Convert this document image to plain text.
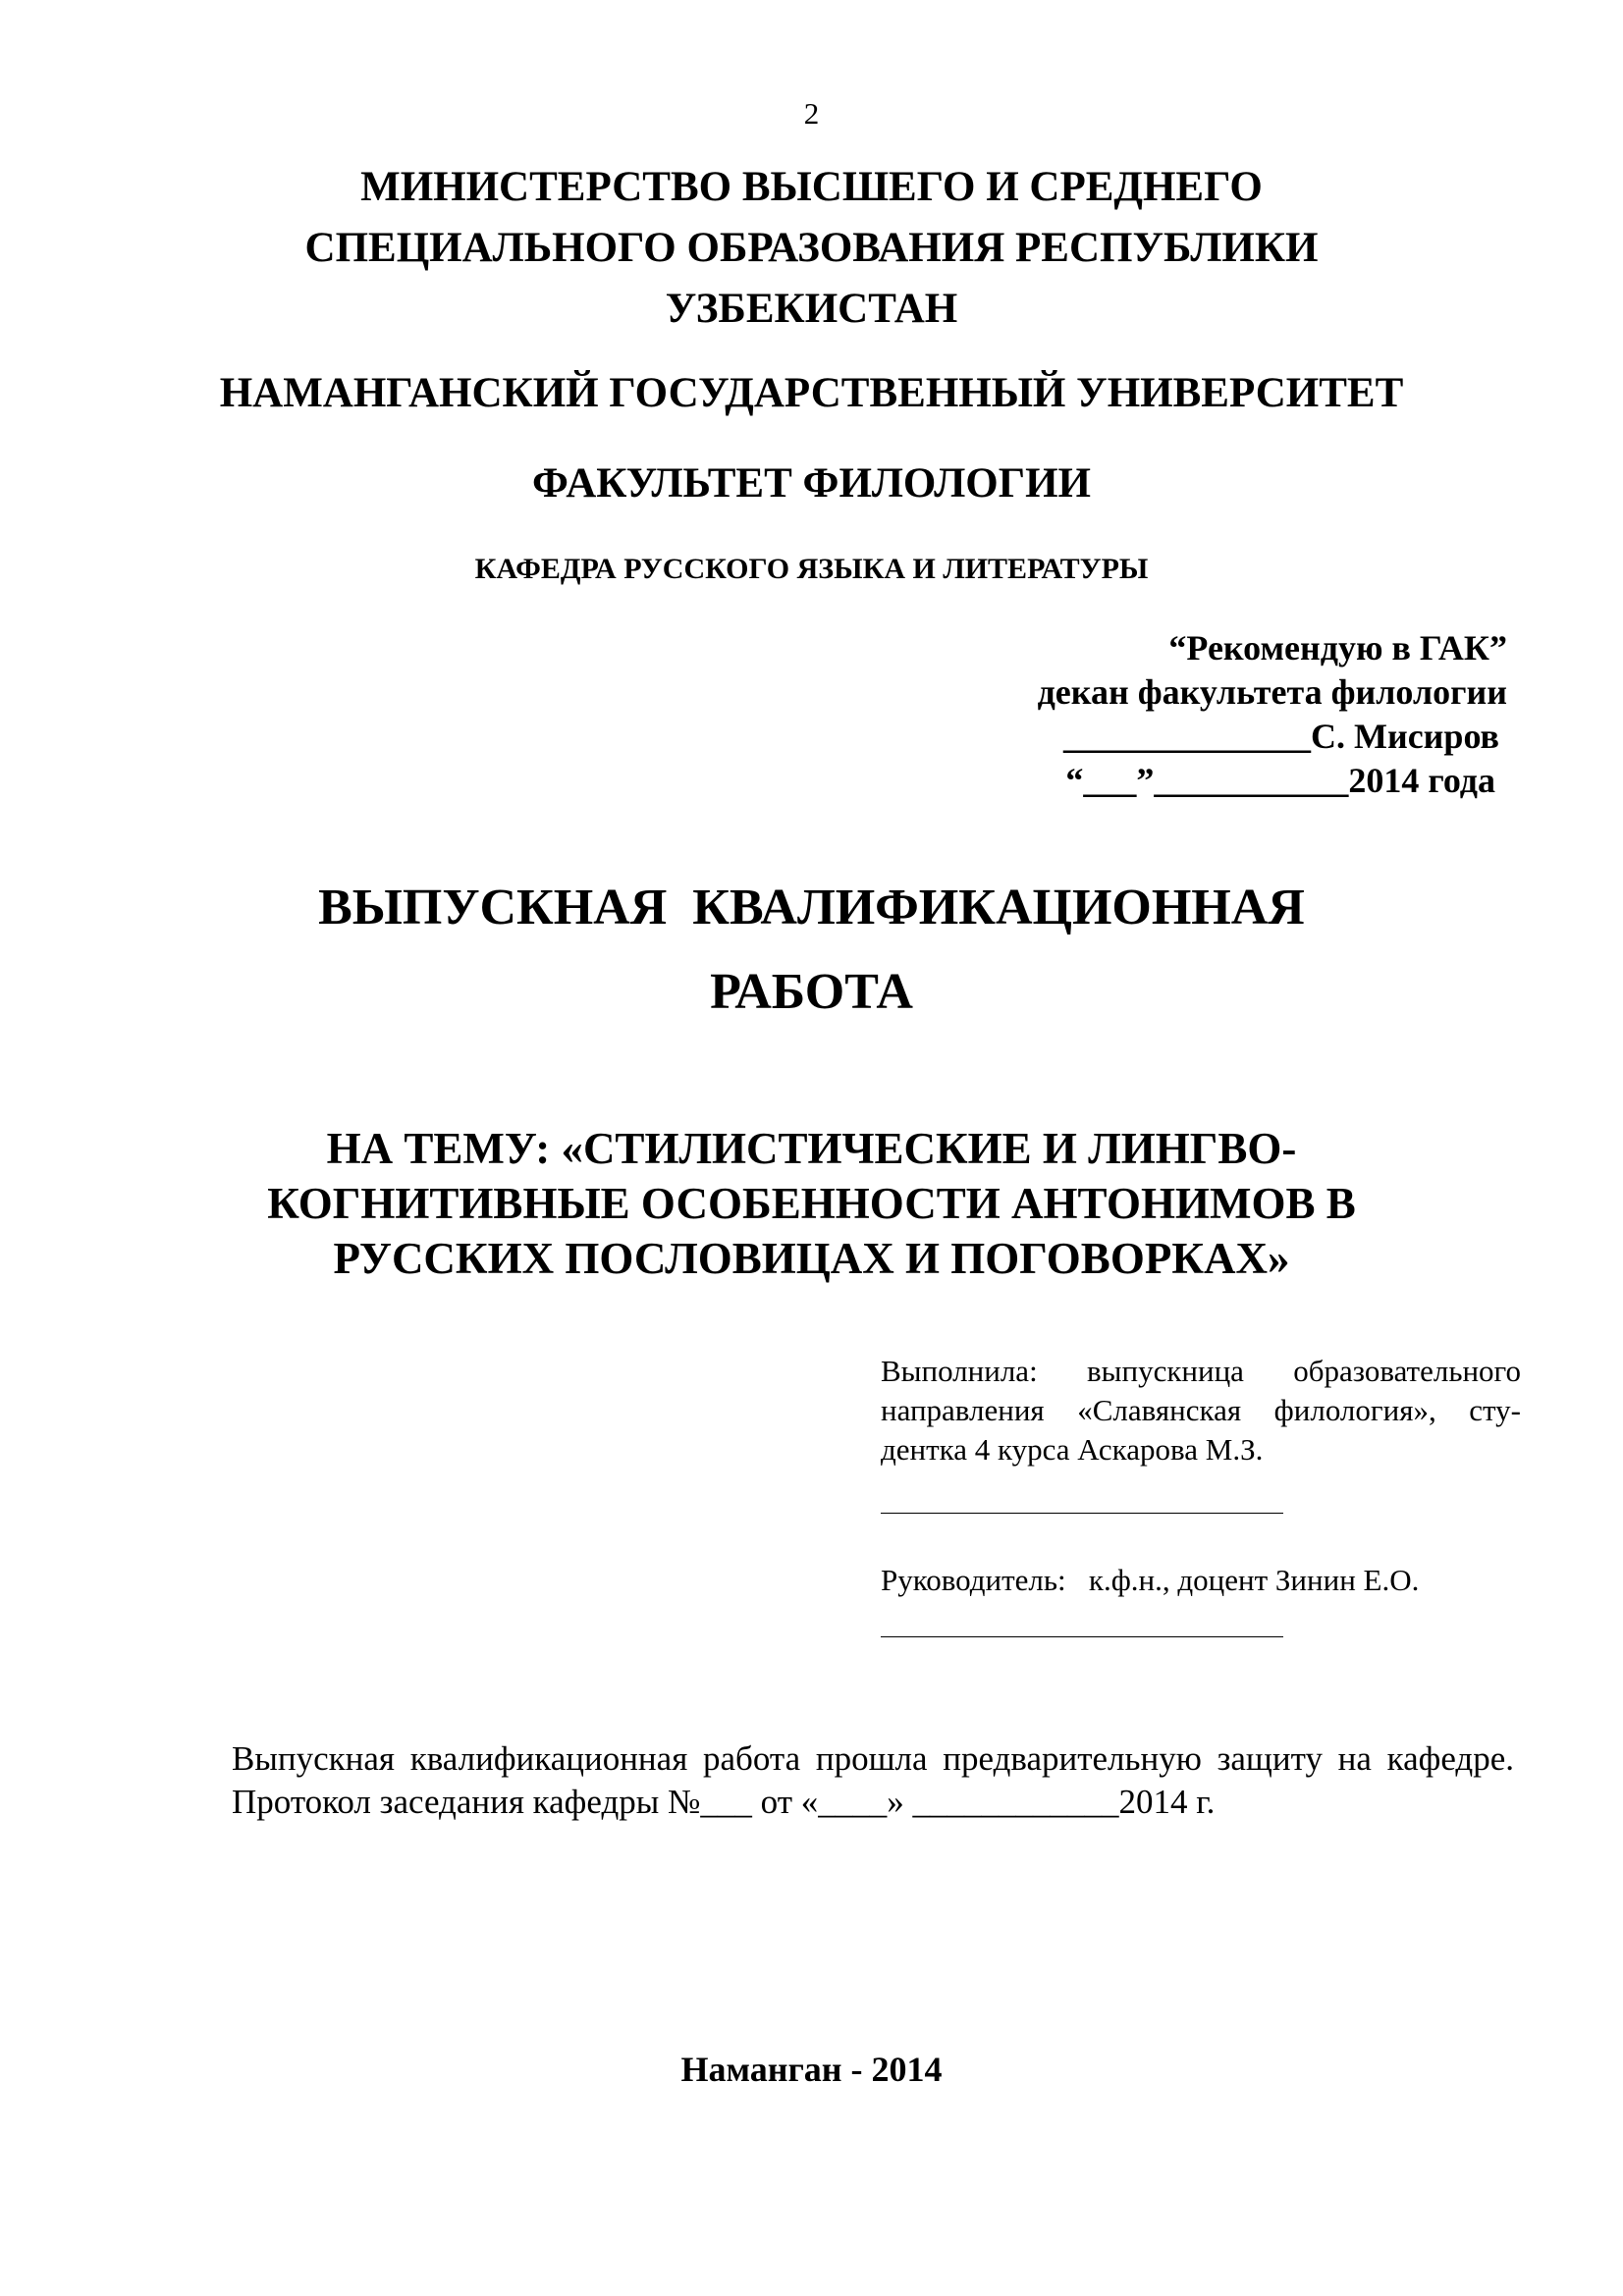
2
МИНИСТЕРСТВО ВЫСШЕГО И СРЕДНЕГО
СПЕЦИАЛЬНОГО ОБРАЗОВАНИЯ РЕСПУБЛИКИ
УЗБЕКИСТАН
НАМАНГАНСКИЙ ГОСУДАРСТВЕННЫЙ УНИВЕРСИТЕТ
ФАКУЛЬТЕТ ФИЛОЛОГИИ
КАФЕДРА РУССКОГО ЯЗЫКА И ЛИТЕРАТУРЫ
“Рекомендую в ГАК”
декан факультета филологии
______________С. Мисиров
“___”___________2014 года
ВЫПУСКНАЯ  КВАЛИФИКАЦИОННАЯ
РАБОТА
НА ТЕМУ: «СТИЛИСТИЧЕСКИЕ И ЛИНГВО-
КОГНИТИВНЫЕ ОСОБЕННОСТИ АНТОНИМОВ В
РУССКИХ ПОСЛОВИЦАХ И ПОГОВОРКАХ»
Выполнила: выпускница образовательного направления «Славянская филология», сту-дентка 4 курса Аскарова М.З.
Руководитель:   к.ф.н., доцент Зинин Е.О.
Выпускная квалификационная работа прошла предварительную защиту на кафедре. Протокол заседания кафедры №___ от «____» ____________2014 г.
Наманган - 2014
